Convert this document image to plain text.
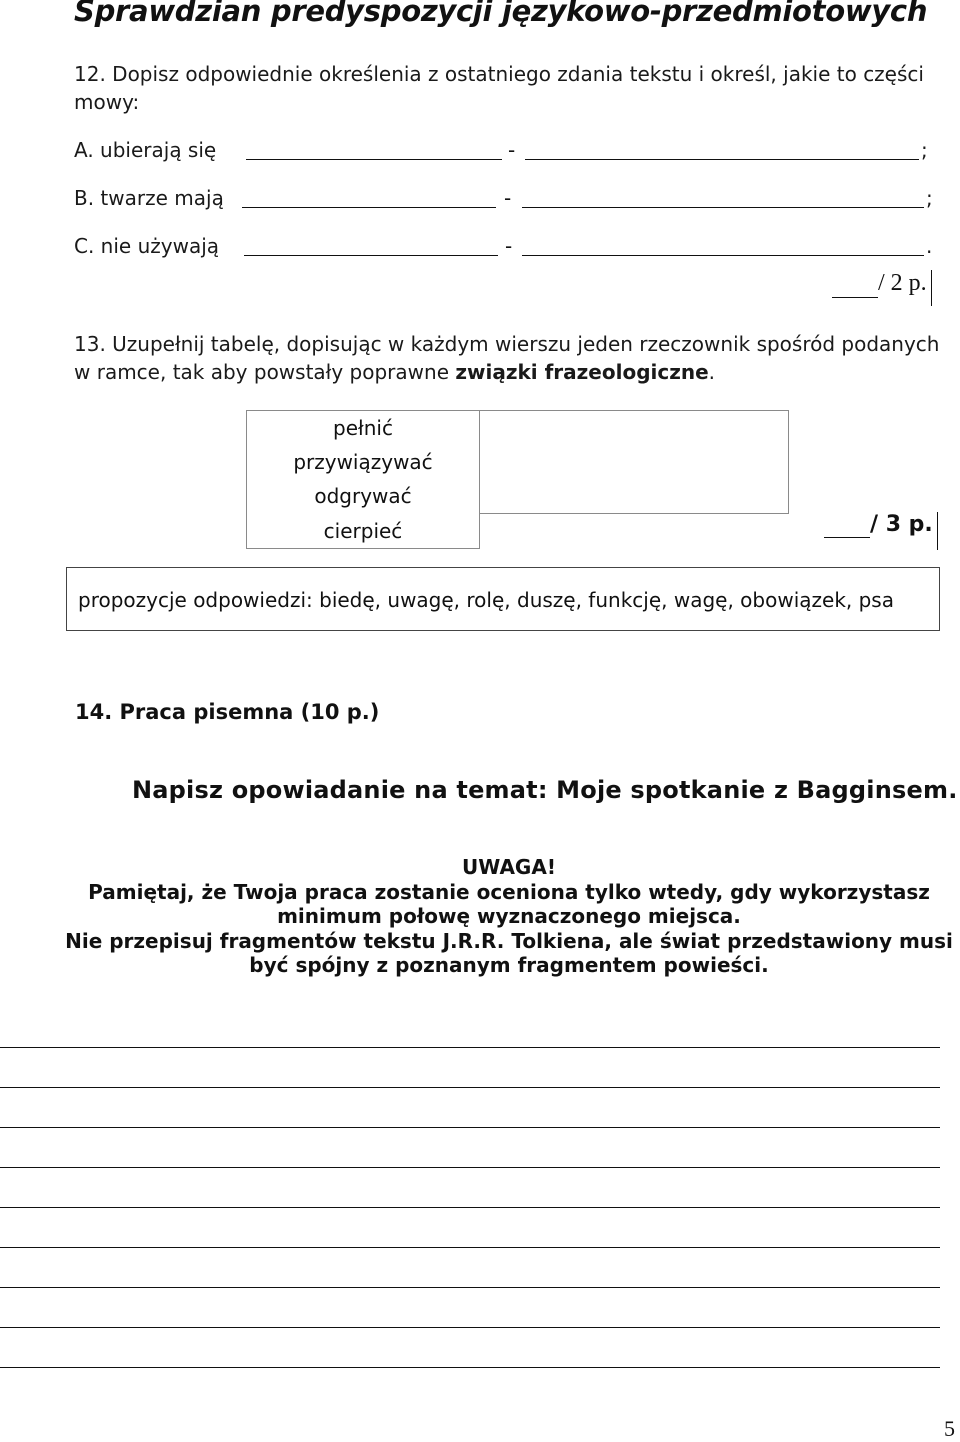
Sprawdzian predyspozycji językowo-przedmiotowych
12. Dopisz odpowiednie określenia z ostatniego zdania tekstu i określ, jakie to części
mowy:
A. ubierają się	-	;
B. twarze mają	-	;
C. nie używają	-	.
/ 2 p.
13. Uzupełnij tabelę, dopisując w każdym wierszu jeden rzeczownik spośród podanych
w ramce, tak aby powstały poprawne związki frazeologiczne.
pełnić	
przywiązywać	
odgrywać	
cierpieć		/ 3 p.
propozycje odpowiedzi: biedę, uwagę, rolę, duszę, funkcję, wagę, obowiązek, psa
14. Praca pisemna (10 p.)
Napisz opowiadanie na temat: Moje spotkanie z Bagginsem.
UWAGA!
Pamiętaj, że Twoja praca zostanie oceniona tylko wtedy, gdy wykorzystasz
minimum połowę wyznaczonego miejsca.
Nie przepisuj fragmentów tekstu J.R.R. Tolkiena, ale świat przedstawiony musi
być spójny z poznanym fragmentem powieści.
5
